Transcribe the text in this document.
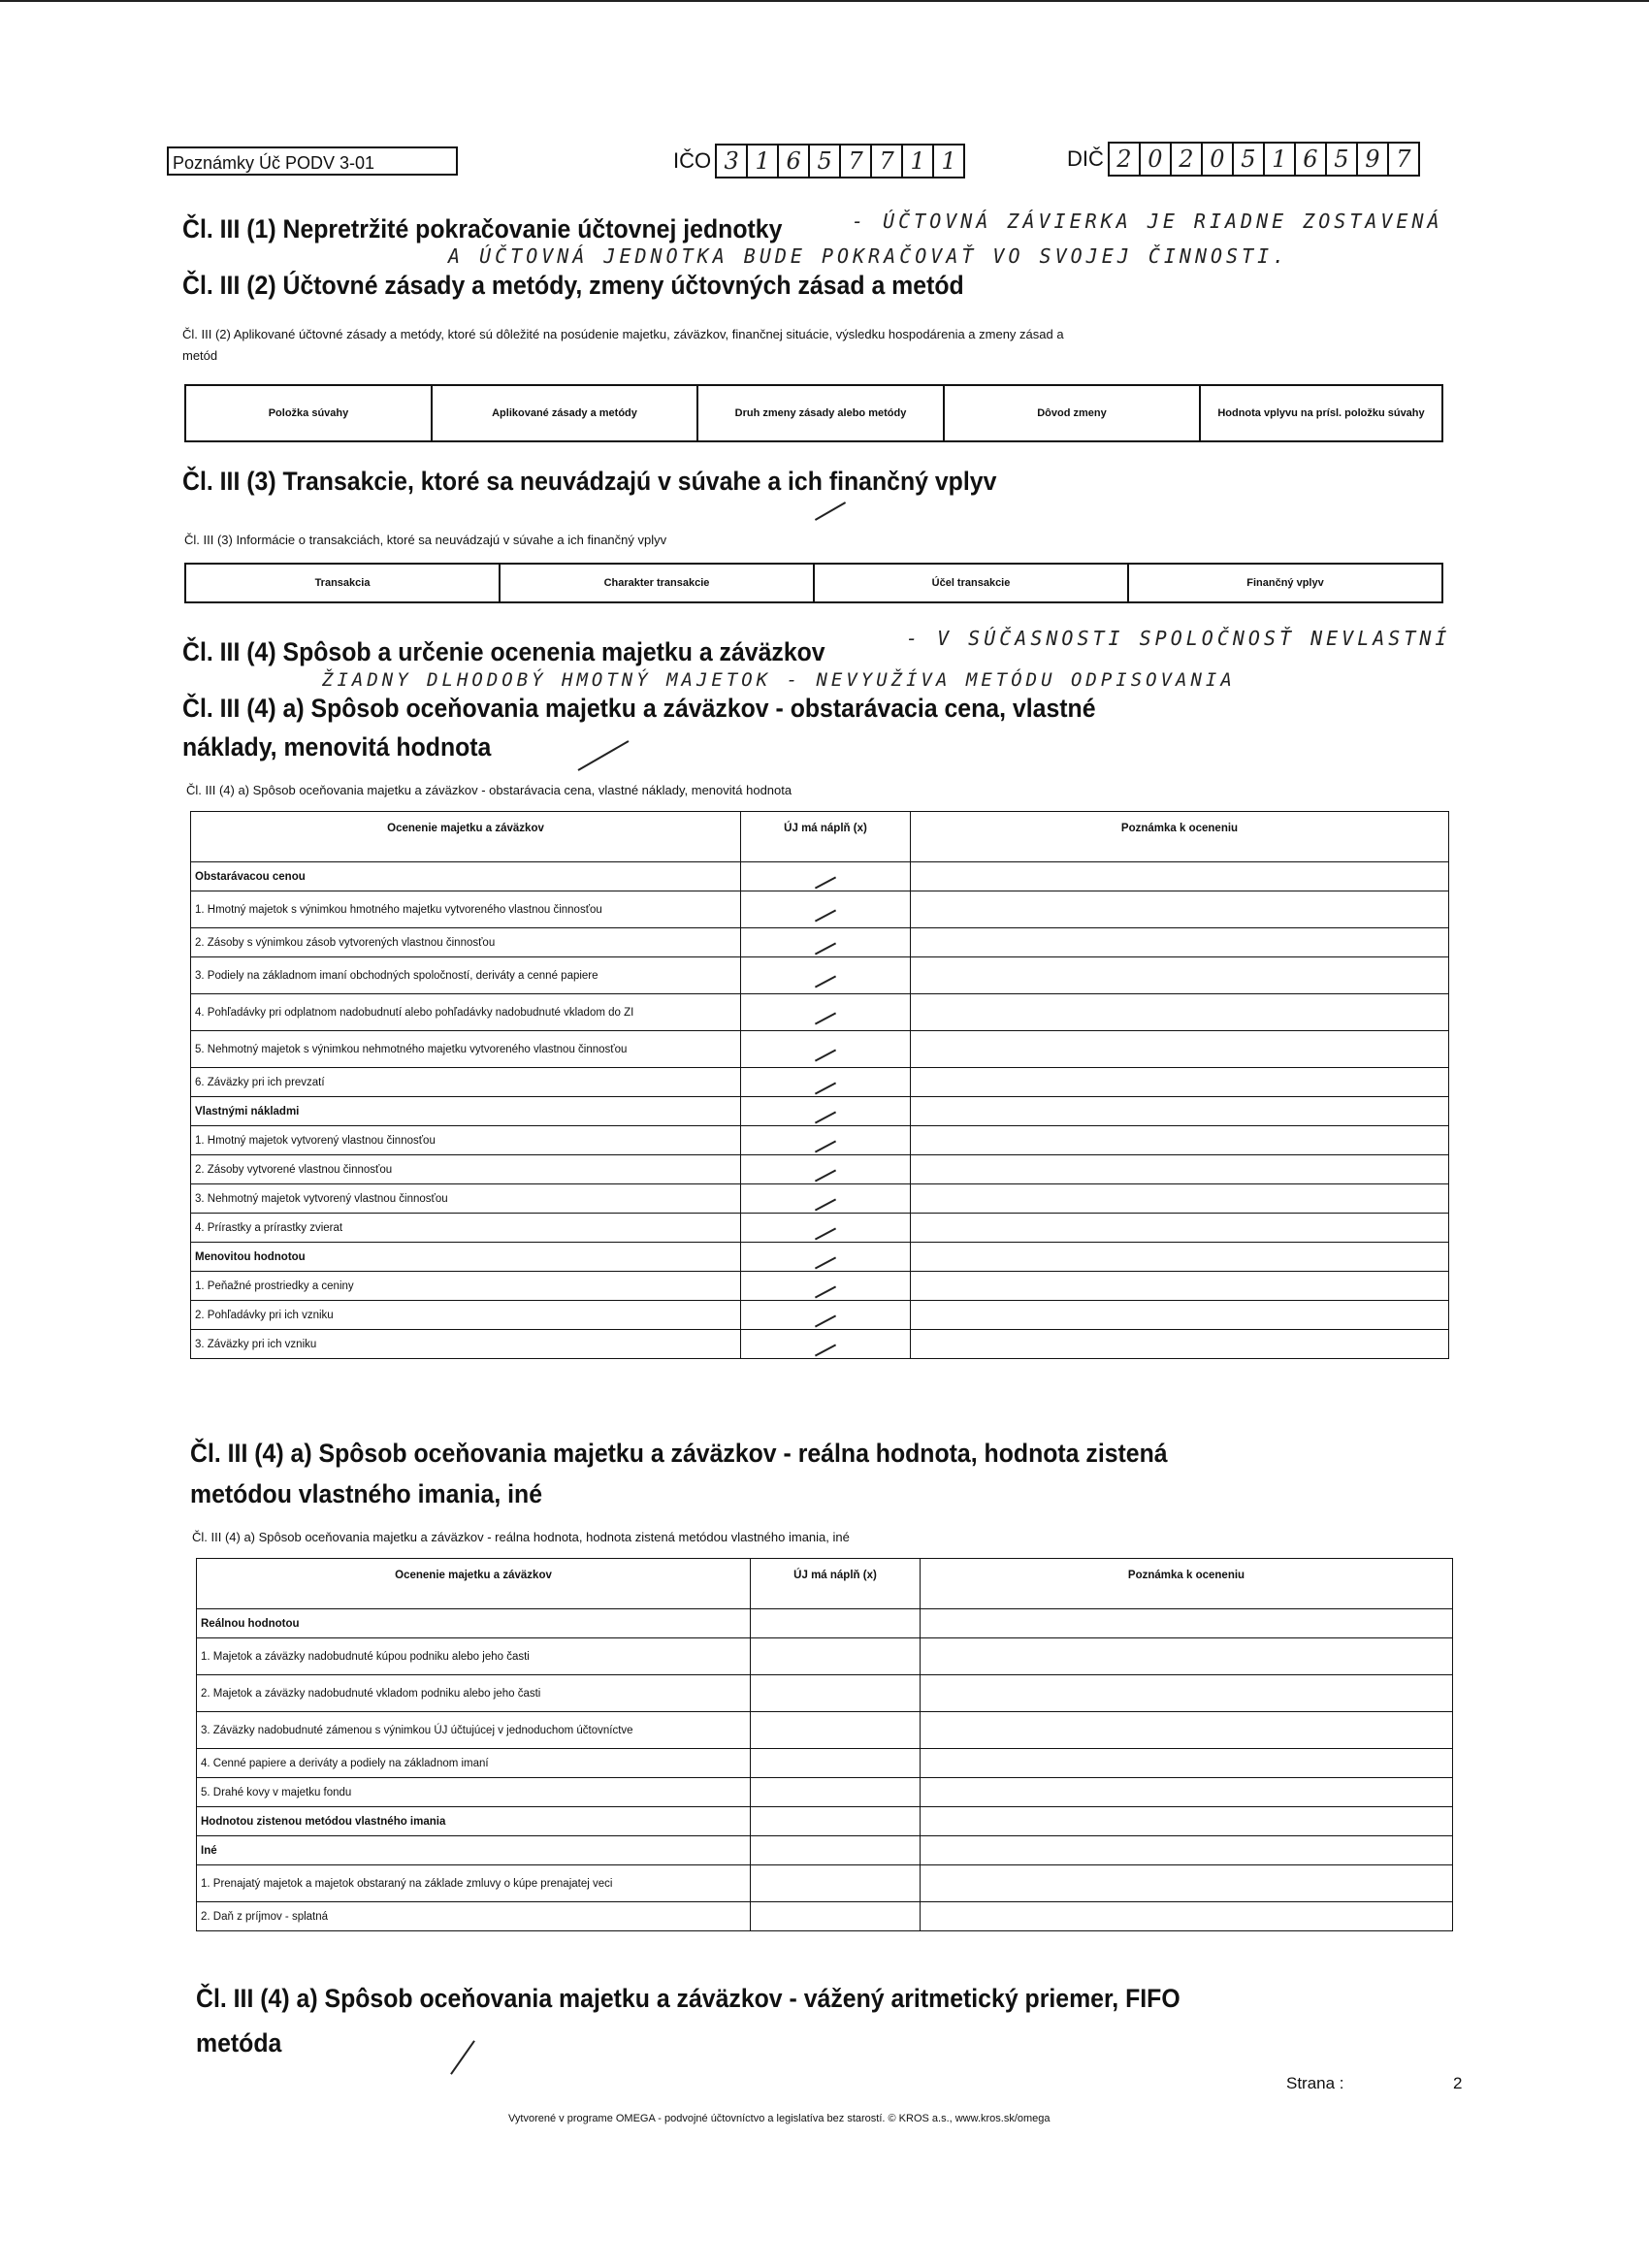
Poznámky Úč PODV 3-01	IČO 3 1 6 5 7 7 1 1	DIČ 2 0 2 0 5 1 6 5 9 7
Čl. III (1) Nepretržité pokračovanie účtovnej jednotky	- ÚČTOVNÁ ZÁVIERKA JE RIADNE ZOSTAVENÁ
A ÚČTOVNÁ JEDNOTKA BUDE POKRAČOVAŤ VO SVOJEJ ČINNOSTI.
Čl. III (2) Účtovné zásady a metódy, zmeny účtovných zásad a metód
Čl. III (2) Aplikované účtovné zásady a metódy, ktoré sú dôležité na posúdenie majetku, záväzkov, finančnej situácie, výsledku hospodárenia a zmeny zásad a
metód
Položka súvahy	Aplikované zásady a metódy	Druh zmeny zásady alebo metódy	Dôvod zmeny	Hodnota vplyvu na prísl. položku súvahy
Čl. III (3) Transakcie, ktoré sa neuvádzajú v súvahe a ich finančný vplyv
Čl. III (3) Informácie o transakciách, ktoré sa neuvádzajú v súvahe a ich finančný vplyv
Transakcia	Charakter transakcie	Účel transakcie	Finančný vplyv
Čl. III (4) Spôsob a určenie ocenenia majetku a záväzkov	- V SÚČASNOSTI SPOLOČNOSŤ NEVLASTNÍ
ŽIADNY DLHODOBÝ HMOTNÝ MAJETOK - NEVYUŽÍVA METÓDU ODPISOVANIA
Čl. III (4) a) Spôsob oceňovania majetku a záväzkov - obstarávacia cena, vlastné
náklady, menovitá hodnota
Čl. III (4) a) Spôsob oceňovania majetku a záväzkov - obstarávacia cena, vlastné náklady, menovitá hodnota
Ocenenie majetku a záväzkov	ÚJ má náplň (x)	Poznámka k oceneniu
Obstarávacou cenou		
1. Hmotný majetok s výnimkou hmotného majetku vytvoreného vlastnou činnosťou		
2. Zásoby s výnimkou zásob vytvorených vlastnou činnosťou		
3. Podiely na základnom imaní obchodných spoločností, deriváty a cenné papiere		
4. Pohľadávky pri odplatnom nadobudnutí alebo pohľadávky nadobudnuté vkladom do ZI		
5. Nehmotný majetok s výnimkou nehmotného majetku vytvoreného vlastnou činnosťou		
6. Záväzky pri ich prevzatí		
Vlastnými nákladmi		
1. Hmotný majetok vytvorený vlastnou činnosťou		
2. Zásoby vytvorené vlastnou činnosťou		
3. Nehmotný majetok vytvorený vlastnou činnosťou		
4. Prírastky a prírastky zvierat		
Menovitou hodnotou		
1. Peňažné prostriedky a ceniny		
2. Pohľadávky pri ich vzniku		
3. Záväzky pri ich vzniku		
Čl. III (4) a) Spôsob oceňovania majetku a záväzkov - reálna hodnota, hodnota zistená
metódou vlastného imania, iné
Čl. III (4) a) Spôsob oceňovania majetku a záväzkov - reálna hodnota, hodnota zistená metódou vlastného imania, iné
Ocenenie majetku a záväzkov	ÚJ má náplň (x)	Poznámka k oceneniu
Reálnou hodnotou		
1. Majetok a záväzky nadobudnuté kúpou podniku alebo jeho časti		
2. Majetok a záväzky nadobudnuté vkladom podniku alebo jeho časti		
3. Záväzky nadobudnuté zámenou s výnimkou ÚJ účtujúcej v jednoduchom účtovníctve		
4. Cenné papiere a deriváty a podiely na základnom imaní		
5. Drahé kovy v majetku fondu		
Hodnotou zistenou metódou vlastného imania		
Iné		
1. Prenajatý majetok a majetok obstaraný na základe zmluvy o kúpe prenajatej veci		
2. Daň z príjmov - splatná		
Čl. III (4) a) Spôsob oceňovania majetku a záväzkov - vážený aritmetický priemer, FIFO
metóda
Strana :	2
Vytvorené v programe OMEGA - podvojné účtovníctvo a legislatíva bez starostí. © KROS a.s., www.kros.sk/omega
